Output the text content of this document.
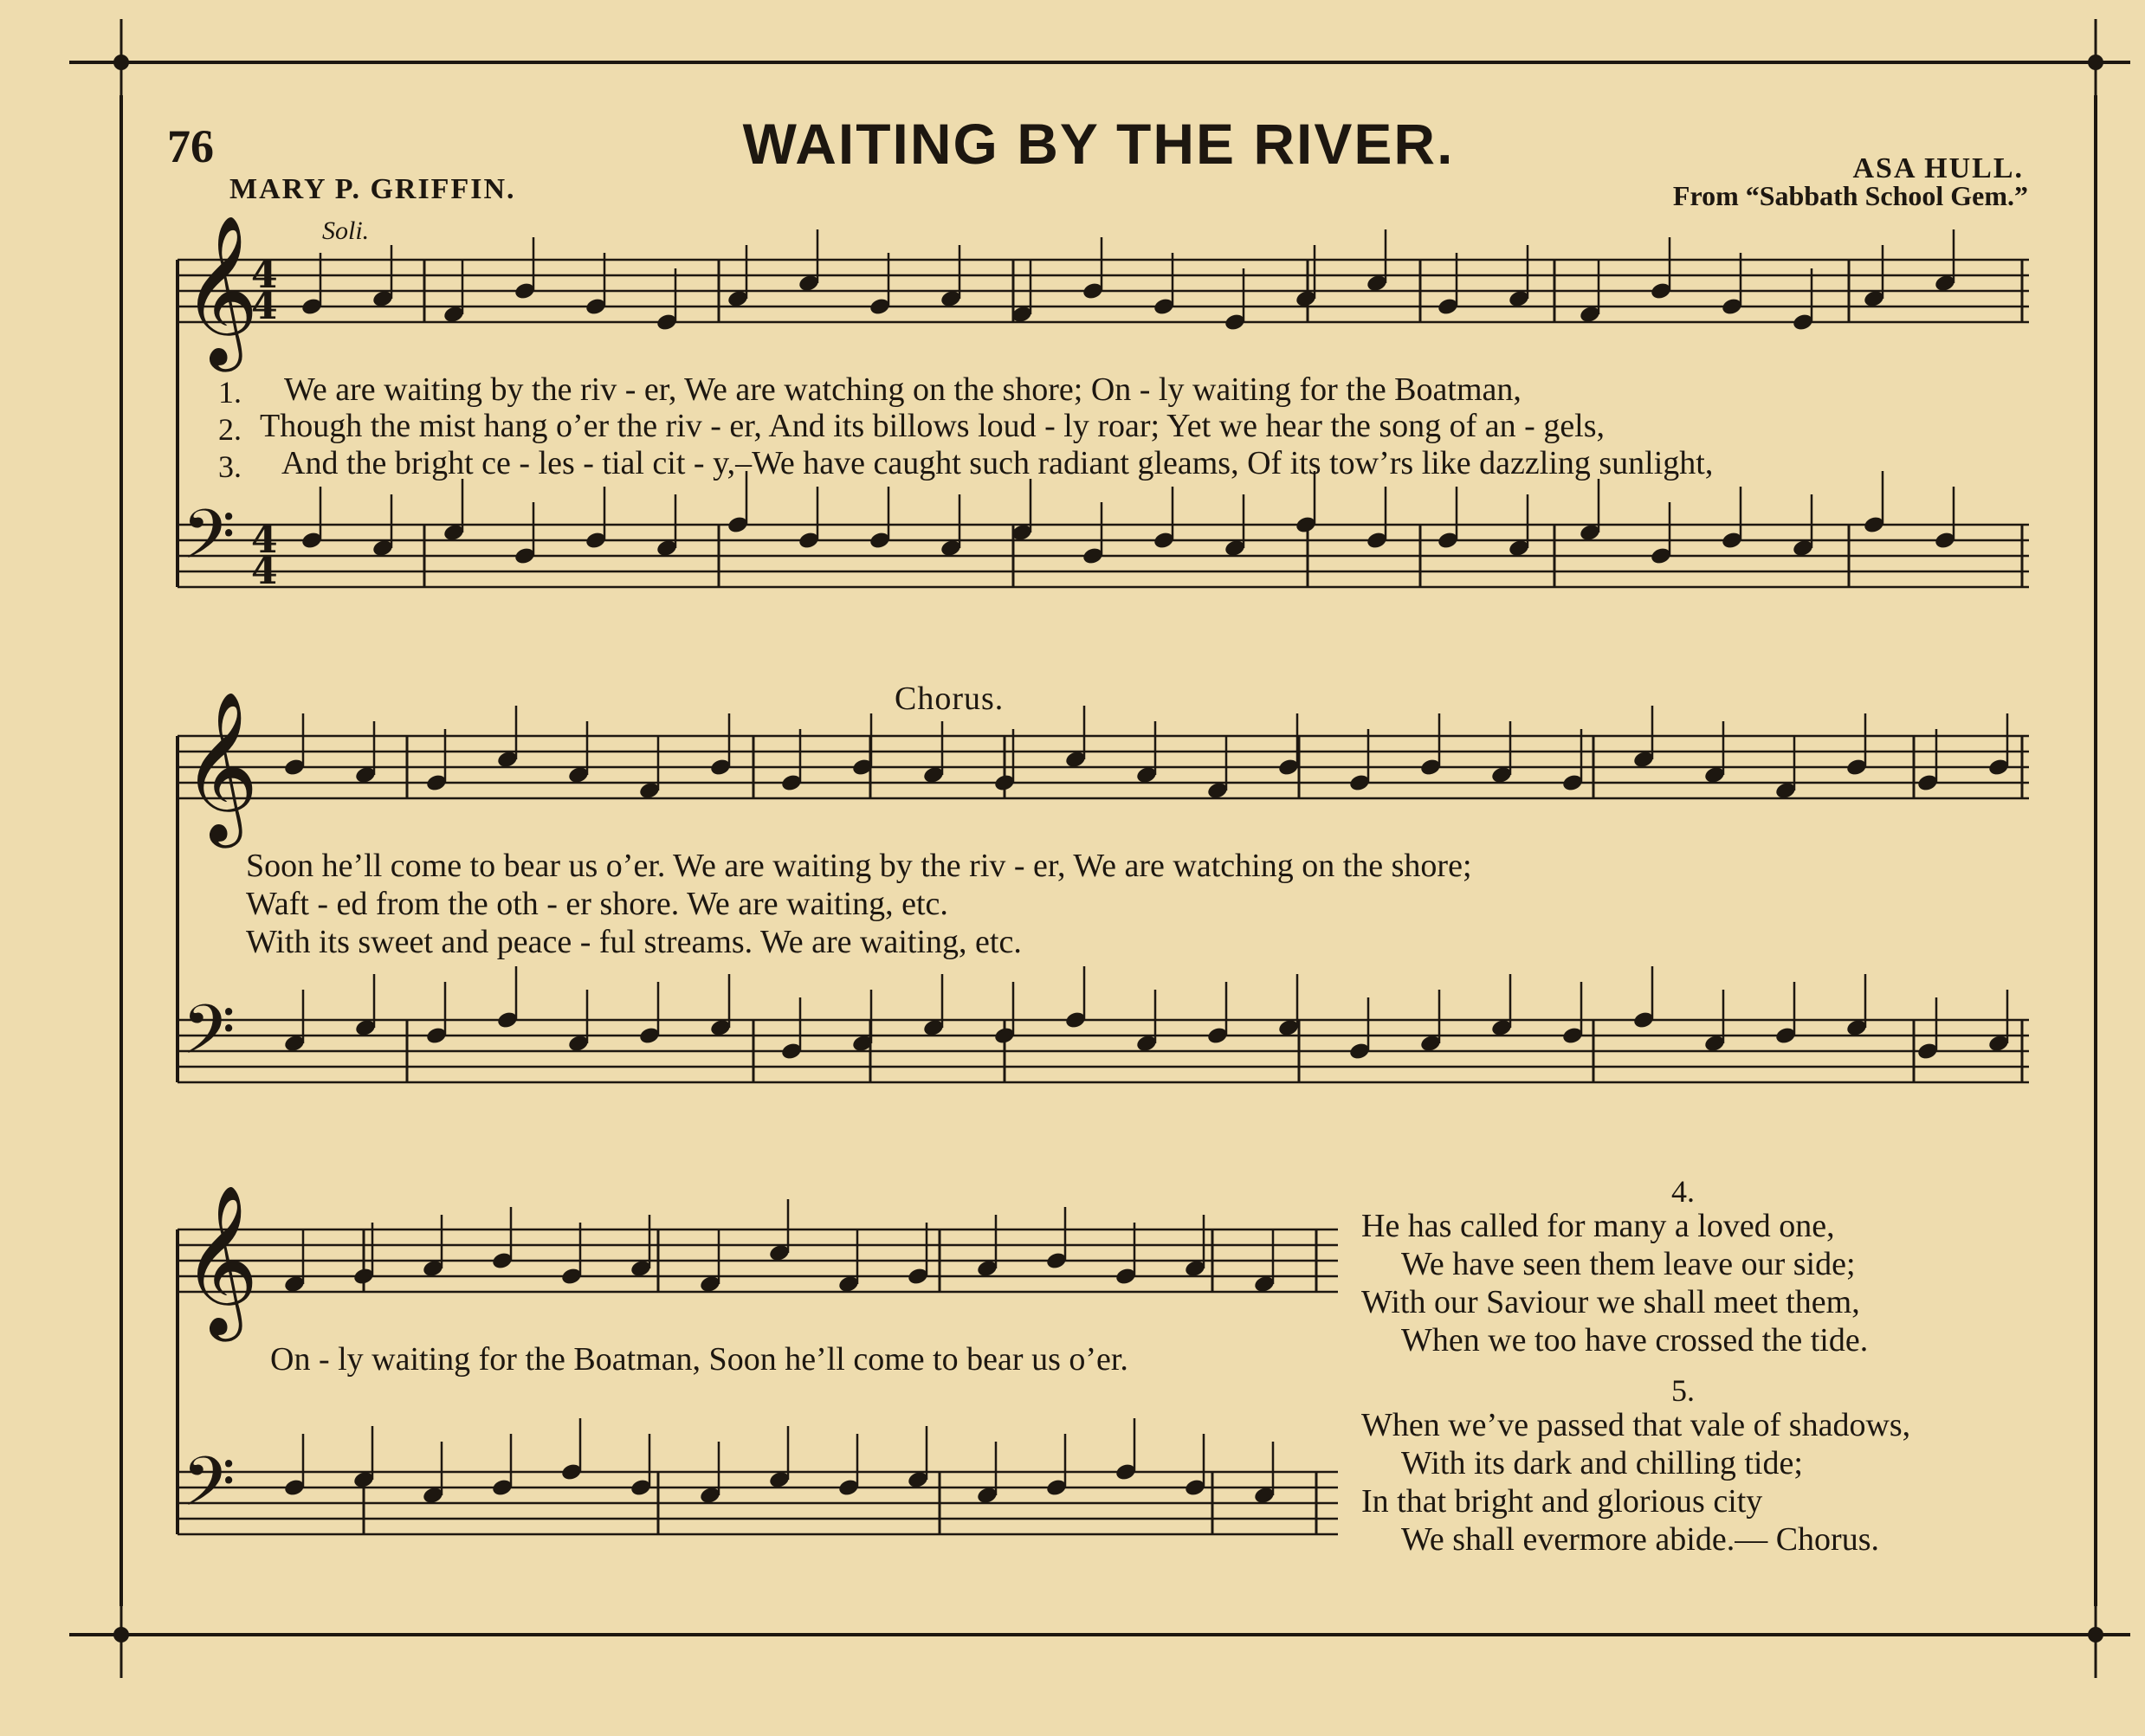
𝄞
𝄢
4
4
4
4
𝄞
𝄢
𝄞
𝄢
76	WAITING BY THE RIVER.
MARY P. GRIFFIN.
ASA HULL.
From “Sabbath School Gem.”
Soli.
Chorus.
1. We are waiting by the riv - er, We are watching on the shore; On - ly waiting for the Boatman,
2. Though the mist hang o’er the riv - er, And its billows loud - ly roar; Yet we hear the song of an - gels,
3. And the bright ce - les - tial cit - y,–We have caught such radiant gleams, Of its tow’rs like dazzling sunlight,
Soon he’ll come to bear us o’er. We are waiting by the riv - er, We are watching on the shore;
Waft - ed from the oth - er shore. We are waiting, etc.
With its sweet and peace - ful streams. We are waiting, etc.
On - ly waiting for the Boatman, Soon he’ll come to bear us o’er.
4.
He has called for many a loved one,
We have seen them leave our side;
With our Saviour we shall meet them,
When we too have crossed the tide.
5.
When we’ve passed that vale of shadows,
With its dark and chilling tide;
In that bright and glorious city
We shall evermore abide.— Chorus.
